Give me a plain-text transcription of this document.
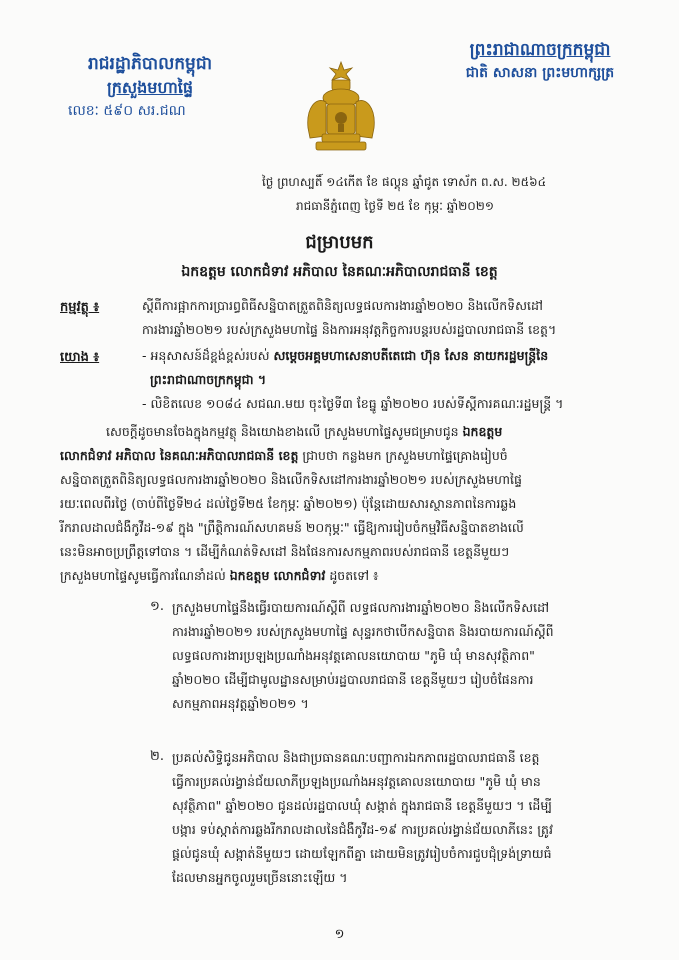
រាជរដ្ឋាភិបាលកម្ពុជា
ក្រសួងមហាផ្ទៃ
លេខៈ ៥៩០ សរ.ជណ
ព្រះរាជាណាចក្រកម្ពុជា
ជាតិ សាសនា ព្រះមហាក្សត្រ
ថ្ងៃ ព្រហស្បតិ៍ ១៤កើត ខែ ផល្គុន ឆ្នាំជូត ទោស័ក ព.ស. ២៥៦៤
រាជធានីភ្នំពេញ ថ្ងៃទី ២៥ ខែ កុម្ភៈ ឆ្នាំ២០២១
ជម្រាបមក
ឯកឧត្តម លោកជំទាវ អភិបាល នៃគណៈអភិបាលរាជធានី ខេត្ត
កម្មវត្ថុ ៖	ស្តីពីការផ្អាកការប្រារព្ធពិធីសន្និបាតត្រួតពិនិត្យលទ្ធផលការងារឆ្នាំ២០២០ និងលើកទិសដៅ
ការងារឆ្នាំ២០២១ របស់ក្រសួងមហាផ្ទៃ និងការអនុវត្តកិច្ចការបន្តរបស់រដ្ឋបាលរាជធានី ខេត្ត។
យោង ៖	- អនុសាសន៍ដ៏ខ្ពង់ខ្ពស់របស់ សម្តេចអគ្គមហាសេនាបតីតេជោ ហ៊ុន សែន នាយករដ្ឋមន្ត្រីនៃ
ព្រះរាជាណាចក្រកម្ពុជា ។
- លិខិតលេខ ១០៨៤ សជណ.មយ ចុះថ្ងៃទី៣ ខែធ្នូ ឆ្នាំ២០២០ របស់ទីស្តីការគណៈរដ្ឋមន្ត្រី ។
សេចក្តីដូចមានចែងក្នុងកម្មវត្ថុ និងយោងខាងលើ ក្រសួងមហាផ្ទៃសូមជម្រាបជូន ឯកឧត្តម
លោកជំទាវ អភិបាល នៃគណៈអភិបាលរាជធានី ខេត្ត ជ្រាបថា កន្លងមក ក្រសួងមហាផ្ទៃគ្រោងរៀបចំ
សន្និបាតត្រួតពិនិត្យលទ្ធផលការងារឆ្នាំ២០២០ និងលើកទិសដៅការងារឆ្នាំ២០២១ របស់ក្រសួងមហាផ្ទៃ
រយៈពេលពីរថ្ងៃ (ចាប់ពីថ្ងៃទី២៤ ដល់ថ្ងៃទី២៥ ខែកុម្ភៈ ឆ្នាំ២០២១) ប៉ុន្តែដោយសារស្ថានភាពនៃការឆ្លង
រីករាលដាលជំងឺកូវីដ-១៩ ក្នុង "ព្រឹត្តិការណ៍សហគមន៍ ២០កុម្ភៈ" ធ្វើឱ្យការរៀបចំកម្មវិធីសន្និបាតខាងលើ
នេះមិនអាចប្រព្រឹត្តទៅបាន ។ ដើម្បីកំណត់ទិសដៅ និងផែនការសកម្មភាពរបស់រាជធានី ខេត្តនីមួយៗ
ក្រសួងមហាផ្ទៃសូមធ្វើការណែនាំដល់ ឯកឧត្តម លោកជំទាវ ដូចតទៅ ៖
១. ក្រសួងមហាផ្ទៃនឹងធ្វើរបាយការណ៍ស្តីពី លទ្ធផលការងារឆ្នាំ២០២០ និងលើកទិសដៅ
ការងារឆ្នាំ២០២១ របស់ក្រសួងមហាផ្ទៃ សុន្ទរកថាបើកសន្និបាត និងរបាយការណ៍ស្តីពី
លទ្ធផលការងារប្រឡងប្រណាំងអនុវត្តគោលនយោបាយ "ភូមិ ឃុំ មានសុវត្ថិភាព"
ឆ្នាំ២០២០ ដើម្បីជាមូលដ្ឋានសម្រាប់រដ្ឋបាលរាជធានី ខេត្តនីមួយៗ រៀបចំផែនការ
សកម្មភាពអនុវត្តឆ្នាំ២០២១ ។
២. ប្រគល់សិទ្ធិជូនអភិបាល និងជាប្រធានគណៈបញ្ជាការឯកភាពរដ្ឋបាលរាជធានី ខេត្ត
ធ្វើការប្រគល់រង្វាន់ជ័យលាភីប្រឡងប្រណាំងអនុវត្តគោលនយោបាយ "ភូមិ ឃុំ មាន
សុវត្ថិភាព" ឆ្នាំ២០២០ ជូនដល់រដ្ឋបាលឃុំ សង្កាត់ ក្នុងរាជធានី ខេត្តនីមួយៗ ។ ដើម្បី
បង្ការ ទប់ស្កាត់ការឆ្លងរីករាលដាលនៃជំងឺកូវីដ-១៩ ការប្រគល់រង្វាន់ជ័យលាភីនេះ ត្រូវ
ផ្តល់ជូនឃុំ សង្កាត់នីមួយៗ ដោយឡែកពីគ្នា ដោយមិនត្រូវរៀបចំការជួបជុំទ្រង់ទ្រាយធំ
ដែលមានអ្នកចូលរួមច្រើននោះឡើយ ។
១
